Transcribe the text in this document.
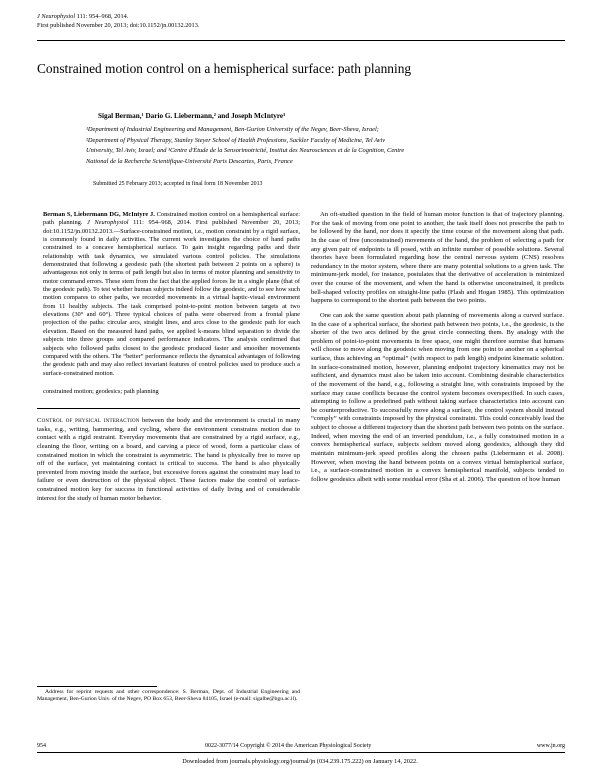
J Neurophysiol 111: 954–968, 2014.
First published November 20, 2013; doi:10.1152/jn.00132.2013.
Constrained motion control on a hemispherical surface: path planning
Sigal Berman,¹ Dario G. Liebermann,² and Joseph McIntyre³
¹Department of Industrial Engineering and Management, Ben-Gurion University of the Negev, Beer-Sheva, Israel;
²Department of Physical Therapy, Stanley Steyer School of Health Professions, Sackler Faculty of Medicine, Tel Aviv
University, Tel Aviv, Israel; and ³Centre d'Étude de la Sensorimotricité, Institut des Neurosciences et de la Cognition, Centre
National de la Recherche Scientifique-Université Paris Descartes, Paris, France
Submitted 25 February 2013; accepted in final form 18 November 2013

Berman S, Liebermann DG, McIntyre J. Constrained motion control on a hemispherical surface: path planning. J Neurophysiol 111: 954–968, 2014. First published November 20, 2013; doi:10.1152/jn.00132.2013.—Surface-constrained motion, i.e., motion constraint by a rigid surface, is commonly found in daily activities. The current work investigates the choice of hand paths constrained to a concave hemispherical surface. To gain insight regarding paths and their relationship with task dynamics, we simulated various control policies. The simulations demonstrated that following a geodesic path (the shortest path between 2 points on a sphere) is advantageous not only in terms of path length but also in terms of motor planning and sensitivity to motor command errors. These stem from the fact that the applied forces lie in a single plane (that of the geodesic path). To test whether human subjects indeed follow the geodesic, and to see how such motion compares to other paths, we recorded movements in a virtual haptic-visual environment from 11 healthy subjects. The task comprised point-to-point motion between targets at two elevations (30° and 60°). Three typical choices of paths were observed from a frontal plane projection of the paths: circular arcs, straight lines, and arcs close to the geodesic path for each elevation. Based on the measured hand paths, we applied k-means blind separation to divide the subjects into three groups and compared performance indicators. The analysis confirmed that subjects who followed paths closest to the geodesic produced faster and smoother movements compared with the others. The “better” performance reflects the dynamical advantages of following the geodesic path and may also reflect invariant features of control policies used to produce such a surface-constrained motion.

constrained motion; geodesics; path planning

Control of physical interaction between the body and the environment is crucial in many tasks, e.g., writing, hammering, and cycling, where the environment constrains motion due to contact with a rigid restraint. Everyday movements that are constrained by a rigid surface, e.g., cleaning the floor, writing on a board, and carving a piece of wood, form a particular class of constrained motion in which the constraint is asymmetric. The hand is physically free to move up off of the surface, yet maintaining contact is critical to success. The hand is also physically prevented from moving inside the surface, but excessive forces against the constraint may lead to failure or even destruction of the physical object. These factors make the control of surface-constrained motion key for success in functional activities of daily living and of considerable interest for the study of human motor behavior.

Address for reprint requests and other correspondence: S. Berman, Dept. of Industrial Engineering and Management, Ben-Gurion Univ. of the Negev, PO Box 653, Beer-Sheva 84105, Israel (e-mail: sigalbe@bgu.ac.il).

An oft-studied question in the field of human motor function is that of trajectory planning. For the task of moving from one point to another, the task itself does not prescribe the path to be followed by the hand, nor does it specify the time course of the movement along that path. In the case of free (unconstrained) movements of the hand, the problem of selecting a path for any given pair of endpoints is ill posed, with an infinite number of possible solutions. Several theories have been formulated regarding how the central nervous system (CNS) resolves redundancy in the motor system, where there are many potential solutions to a given task. The minimum-jerk model, for instance, postulates that the derivative of acceleration is minimized over the course of the movement, and when the hand is otherwise unconstrained, it predicts bell-shaped velocity profiles on straight-line paths (Flash and Hogan 1985). This optimization happens to correspond to the shortest path between the two points.

One can ask the same question about path planning of movements along a curved surface. In the case of a spherical surface, the shortest path between two points, i.e., the geodesic, is the shorter of the two arcs defined by the great circle connecting them. By analogy with the problem of point-to-point movements in free space, one might therefore surmise that humans will choose to move along the geodesic when moving from one point to another on a spherical surface, thus achieving an “optimal” (with respect to path length) endpoint kinematic solution. In surface-constrained motion, however, planning endpoint trajectory kinematics may not be sufficient, and dynamics must also be taken into account. Combining desirable characteristics of the movement of the hand, e.g., following a straight line, with constraints imposed by the surface may cause conflicts because the control system becomes overspecified. In such cases, attempting to follow a predefined path without taking surface characteristics into account can be counterproductive. To successfully move along a surface, the control system should instead “comply” with constraints imposed by the physical constraint. This could conceivably lead the subject to choose a different trajectory than the shortest path between two points on the surface. Indeed, when moving the end of an inverted pendulum, i.e., a fully constrained motion in a convex hemispherical surface, subjects seldom moved along geodesics, although they did maintain minimum-jerk speed profiles along the chosen paths (Liebermann et al. 2008). However, when moving the hand between points on a convex virtual hemispherical surface, i.e., a surface-constrained motion in a convex hemispherical manifold, subjects tended to follow geodesics albeit with some residual error (Sha et al. 2006). The question of how human

954	0022-3077/14 Copyright © 2014 the American Physiological Society	www.jn.org
Downloaded from journals.physiology.org/journal/jn (034.239.175.222) on January 14, 2022.
